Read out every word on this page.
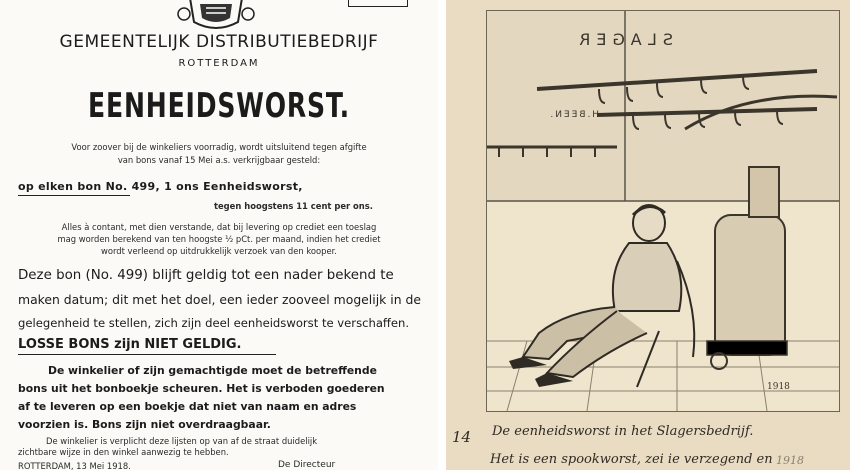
GEMEENTELIJK DISTRIBUTIEBEDRIJF
ROTTERDAM
EENHEIDSWORST.
Voor zoover bij de winkeliers voorradig, wordt uitsluitend tegen afgifte
van bons vanaf 15 Mei a.s. verkrijgbaar gesteld:
op elken bon No. 499, 1 ons Eenheidsworst,
tegen hoogstens 11 cent per ons.
Alles à contant, met dien verstande, dat bij levering op crediet een toeslag
mag worden berekend van ten hoogste ½ pCt. per maand, indien het crediet
wordt verleend op uitdrukkelijk verzoek van den kooper.
Deze bon (No. 499) blijft geldig tot een nader bekend te
maken datum; dit met het doel, een ieder zooveel mogelijk in de
gelegenheid te stellen, zich zijn deel eenheidsworst te verschaffen.
LOSSE BONS zijn NIET GELDIG.
De winkelier of zijn gemachtigde moet de betreffende
bons uit het bonboekje scheuren. Het is verboden goederen
af te leveren op een boekje dat niet van naam en adres
voorzien is. Bons zijn niet overdraagbaar.
De winkelier is verplicht deze lijsten op van af de straat duidelijk
zichtbare wijze in den winkel aanwezig te hebben.
ROTTERDAM, 13 Mei 1918.	De Directeur
SLAGER
H.BEEN.
1918
14 De eenheidsworst in het Slagersbedrijf.
Het is een spookworst, zei ie verzegend en 1918
